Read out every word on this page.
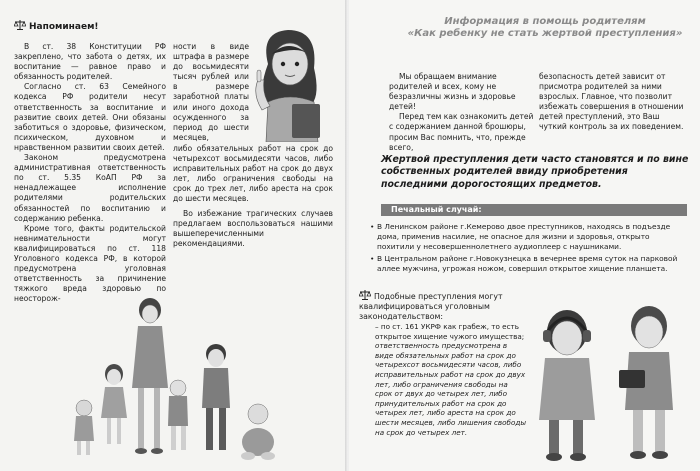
Напоминаем!

В ст. 38 Конституции РФ закреплено, что забота о детях, их воспитание — равное право и обязанность родителей.

Согласно ст. 63 Семейного кодекса РФ родители несут ответственность за воспитание и развитие своих детей. Они обязаны заботиться о здоровье, физическом, психическом, духовном и нравственном развитии своих детей.

Законом предусмотрена административная ответственность по ст. 5.35 КоАП РФ за ненадлежащее исполнение родителями родительских обязанностей по воспитанию и содержанию ребенка.

Кроме того, факты родительской невнимательности могут квалифицироваться по ст. 118 Уголовного кодекса РФ, в которой предусмотрена уголовная ответственность за причинение тяжкого вреда здоровью по неосторож-

ности в виде штрафа в размере до восьмидесяти тысяч рублей или в размере заработной платы или иного дохода осужденного за период до шести месяцев,

либо обязательных работ на срок до четырехсот восьмидесяти часов, либо исправительных работ на срок до двух лет, либо ограничения свободы на срок до трех лет, либо ареста на срок до шести месяцев.

Во избежание трагических случаев предлагаем воспользоваться нашими вышеперечисленными рекомендациями.

Информация в помощь родителям
«Как ребенку не стать жертвой преступления»

Мы обращаем внимание родителей и всех, кому не безразличны жизнь и здоровье детей!

Перед тем как ознакомить детей с содержанием данной брошюры, просим Вас помнить, что, прежде всего,

безопасность детей зависит от присмотра родителей за ними взрослых. Главное, что позволит избежать совершения в отношении детей преступлений, это Ваш чуткий контроль за их поведением.

Жертвой преступления дети часто становятся и по вине собственных родителей ввиду приобретения последними дорогостоящих предметов.
Печальный случай:
• В Ленинском районе г.Кемерово двое преступников, находясь в подъезде дома, применив насилие, не опасное для жизни и здоровья, открыто похитили у несовершеннолетнего аудиоплеер с наушниками.
• В Центральном районе г.Новокузнецка в вечернее время суток на парковой аллее мужчина, угрожая ножом, совершил открытое хищение планшета.
Подобные преступления могут квалифицироваться уголовным законодательством:

– по ст. 161 УКРФ как грабеж, то есть открытое хищение чужого имущества;

ответственность предусмотрена в виде обязательных работ на срок до четырехсот восьмидесяти часов, либо исправительных работ на срок до двух лет, либо ограничения свободы на срок от двух до четырех лет, либо принудительных работ на срок до четырех лет, либо ареста на срок до шести месяцев, либо лишения свободы на срок до четырех лет.
